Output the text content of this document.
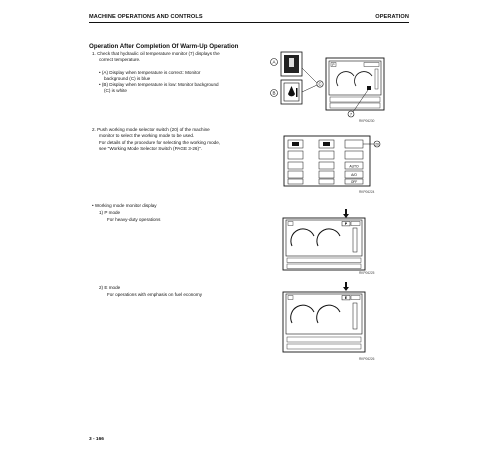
MACHINE OPERATIONS AND CONTROLS	OPERATION
Operation After Completion Of Warm-Up Operation
1. Check that hydraulic oil temperature monitor (7) displays the
correct temperature.
• (A) Display when temperature is correct: Monitor
background (C) is blue
• (B) Display when temperature is low: Monitor background
(C) is white
A
B
C
P
7
RKP06230
2. Push working mode selector switch (20) of the machine
monitor to select the working mode to be used.
For details of the procedure for selecting the working mode,
see "Working Mode Selector Switch (PAGE 3-26)".
AUTO
A/O
OFF
20
RKP06224
• Working mode monitor display
1) P mode
For heavy-duty operations
P
RKP06225
2) E mode
For operations with emphasis on fuel economy
E
RKP06226
3 - 166
